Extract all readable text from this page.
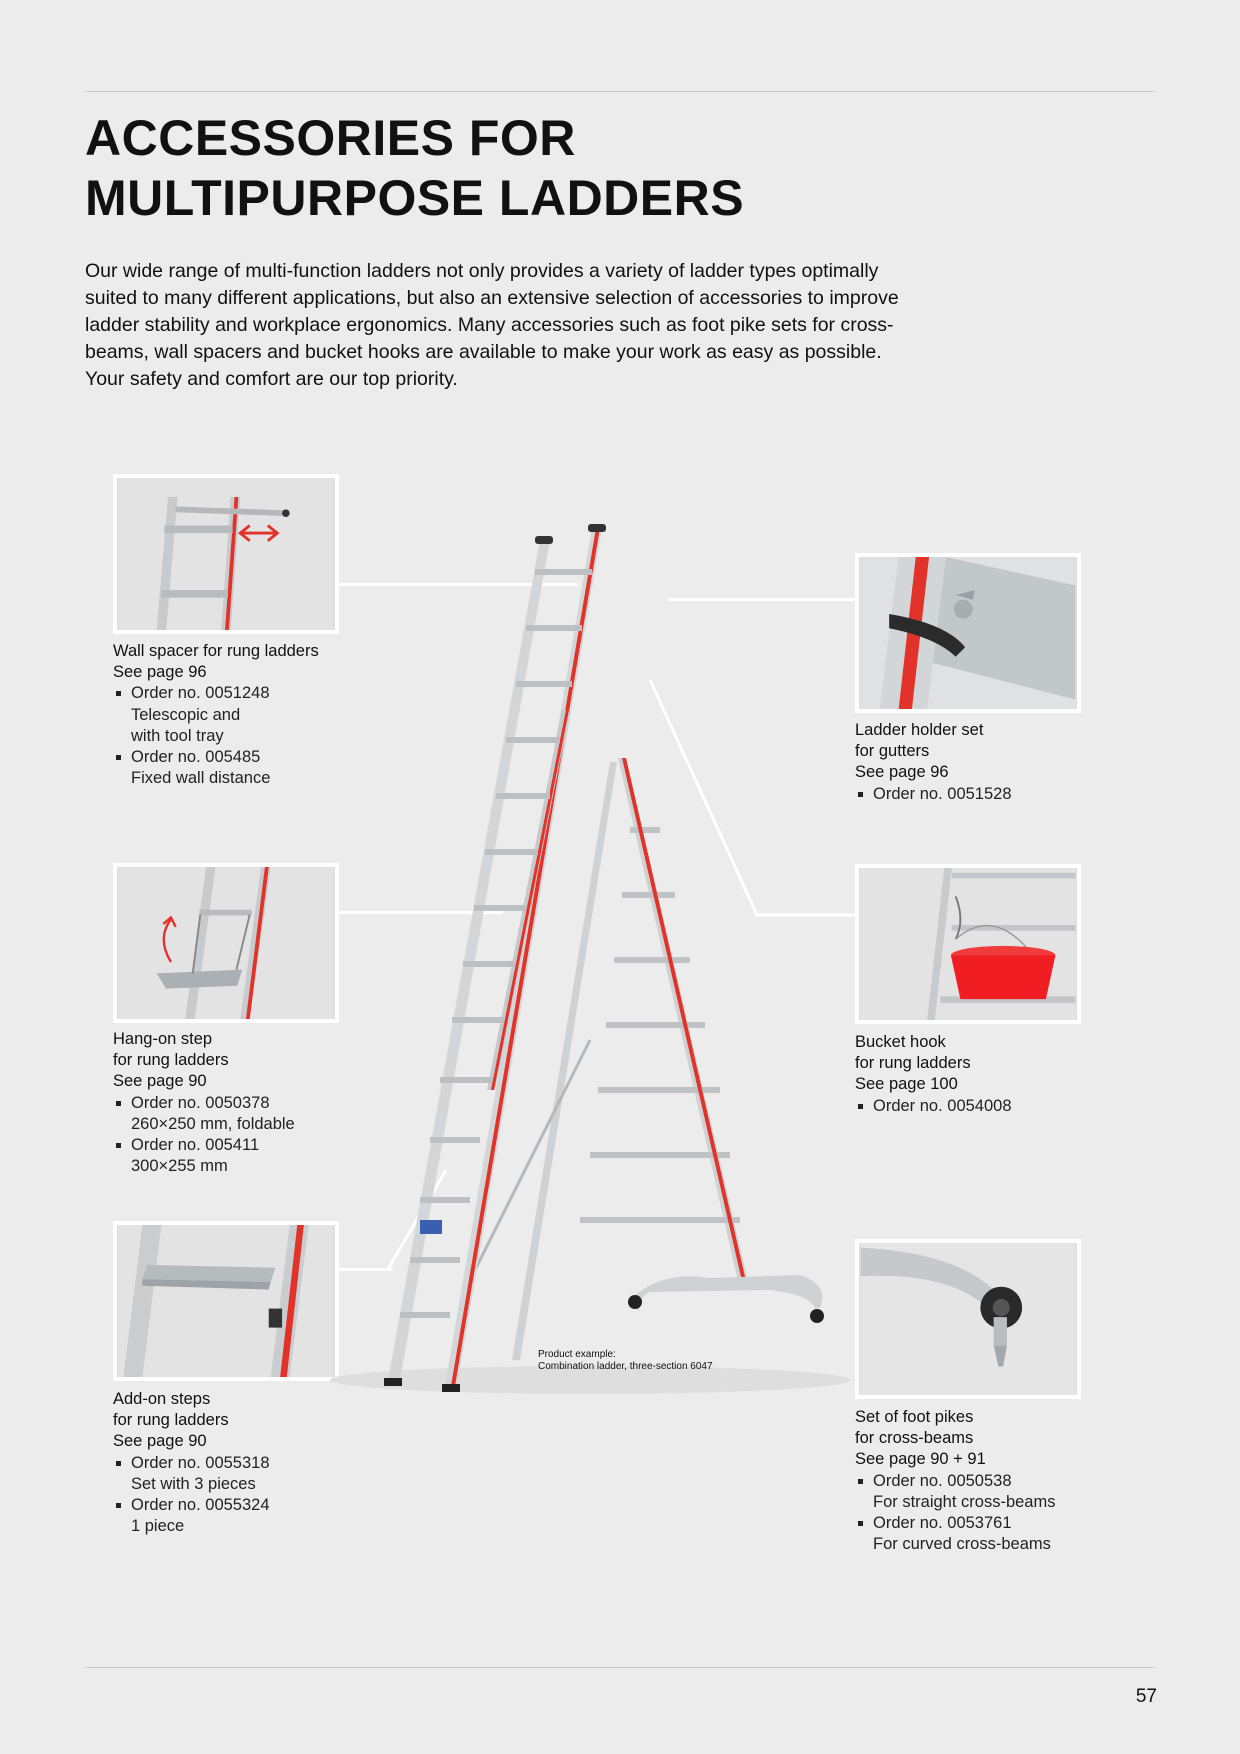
ACCESSORIES FOR
MULTIPURPOSE LADDERS

Our wide range of multi-function ladders not only provides a variety of ladder types optimally suited to many different applications, but also an extensive selection of accessories to improve ladder stability and workplace ergonomics. Many accessories such as foot pike sets for cross-beams, wall spacers and bucket hooks are available to make your work as easy as possible. Your safety and comfort are our top priority.

Product example:
Combination ladder, three-section 6047
Wall spacer for rung ladders
See page 96
Order no. 0051248
Telescopic and
with tool tray
Order no. 005485
Fixed wall distance
Hang-on step
for rung ladders
See page 90
Order no. 0050378
260×250 mm, foldable
Order no. 005411
300×255 mm
Add-on steps
for rung ladders
See page 90
Order no. 0055318
Set with 3 pieces
Order no. 0055324
1 piece
Ladder holder set
for gutters
See page 96
Order no. 0051528
Bucket hook
for rung ladders
See page 100
Order no. 0054008
Set of foot pikes
for cross-beams
See page 90 + 91
Order no. 0050538
For straight cross-beams
Order no. 0053761
For curved cross-beams
57
